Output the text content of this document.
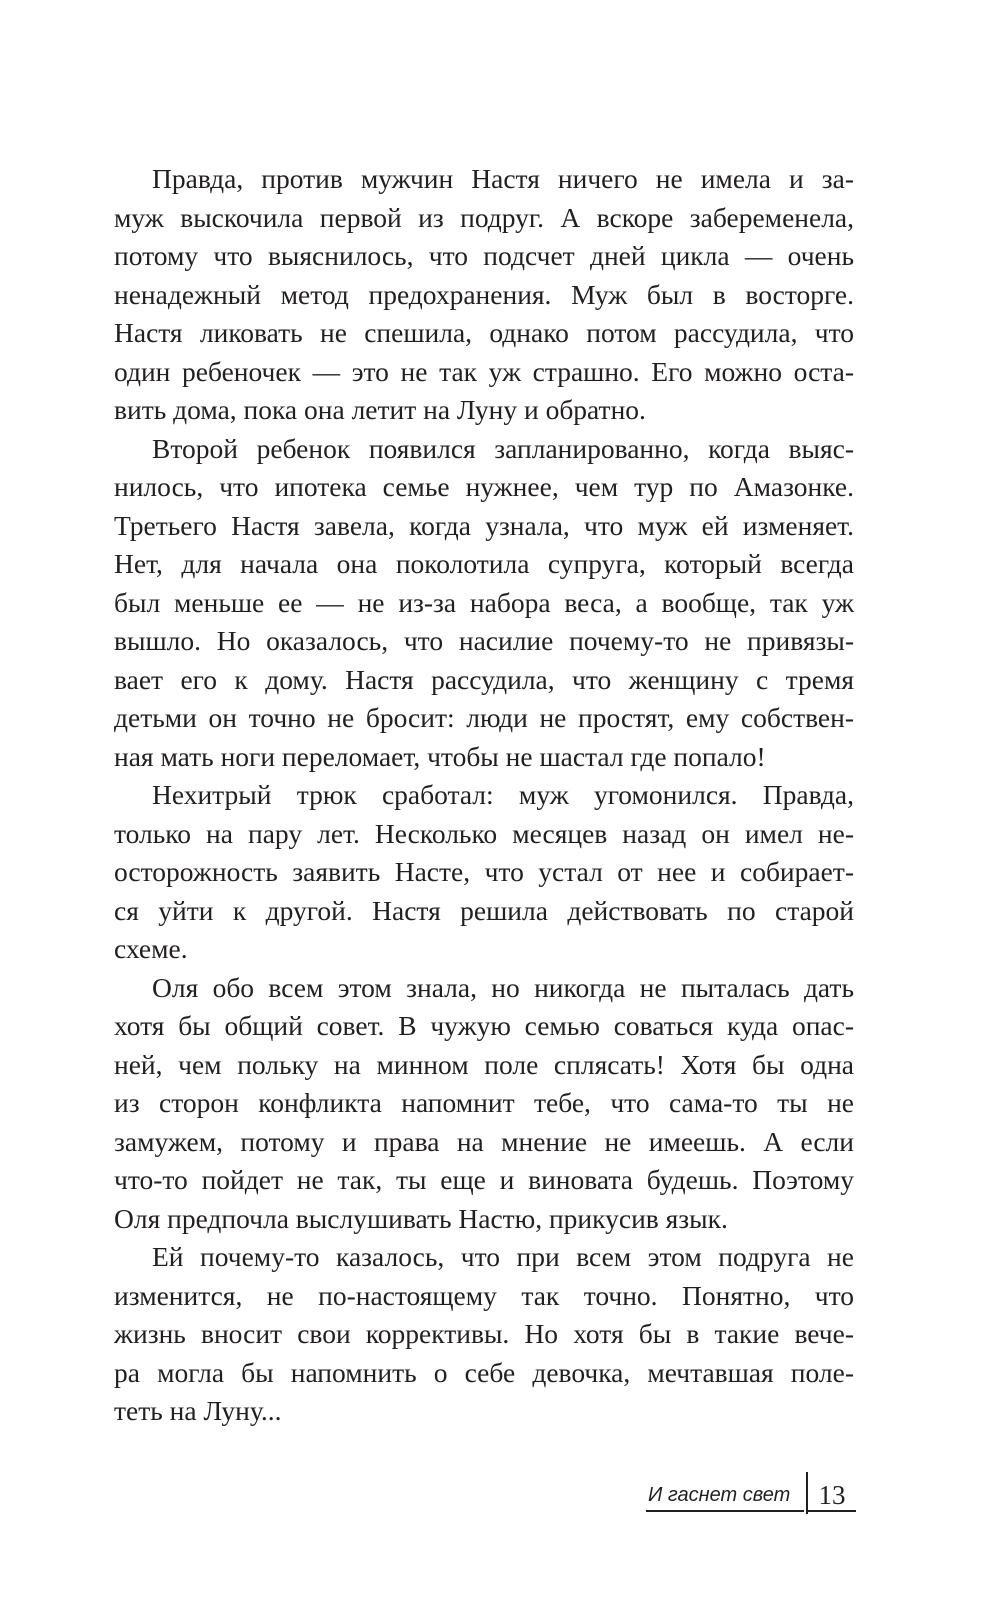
Правда, против мужчин Настя ничего не имела и за-
муж выскочила первой из подруг. А вскоре забеременела,
потому что выяснилось, что подсчет дней цикла — очень
ненадежный метод предохранения. Муж был в восторге.
Настя ликовать не спешила, однако потом рассудила, что
один ребеночек — это не так уж страшно. Его можно оста-
вить дома, пока она летит на Луну и обратно.
Второй ребенок появился запланированно, когда выяс-
нилось, что ипотека семье нужнее, чем тур по Амазонке.
Третьего Настя завела, когда узнала, что муж ей изменяет.
Нет, для начала она поколотила супруга, который всегда
был меньше ее — не из-за набора веса, а вообще, так уж
вышло. Но оказалось, что насилие почему-то не привязы-
вает его к дому. Настя рассудила, что женщину с тремя
детьми он точно не бросит: люди не простят, ему собствен-
ная мать ноги переломает, чтобы не шастал где попало!
Нехитрый трюк сработал: муж угомонился. Правда,
только на пару лет. Несколько месяцев назад он имел не-
осторожность заявить Насте, что устал от нее и собирает-
ся уйти к другой. Настя решила действовать по старой
схеме.
Оля обо всем этом знала, но никогда не пыталась дать
хотя бы общий совет. В чужую семью соваться куда опас-
ней, чем польку на минном поле сплясать! Хотя бы одна
из сторон конфликта напомнит тебе, что сама-то ты не
замужем, потому и права на мнение не имеешь. А если
что-то пойдет не так, ты еще и виновата будешь. Поэтому
Оля предпочла выслушивать Настю, прикусив язык.
Ей почему-то казалось, что при всем этом подруга не
изменится, не по-настоящему так точно. Понятно, что
жизнь вносит свои коррективы. Но хотя бы в такие вече-
ра могла бы напомнить о себе девочка, мечтавшая поле-
теть на Луну...
И гаснет свет	13
